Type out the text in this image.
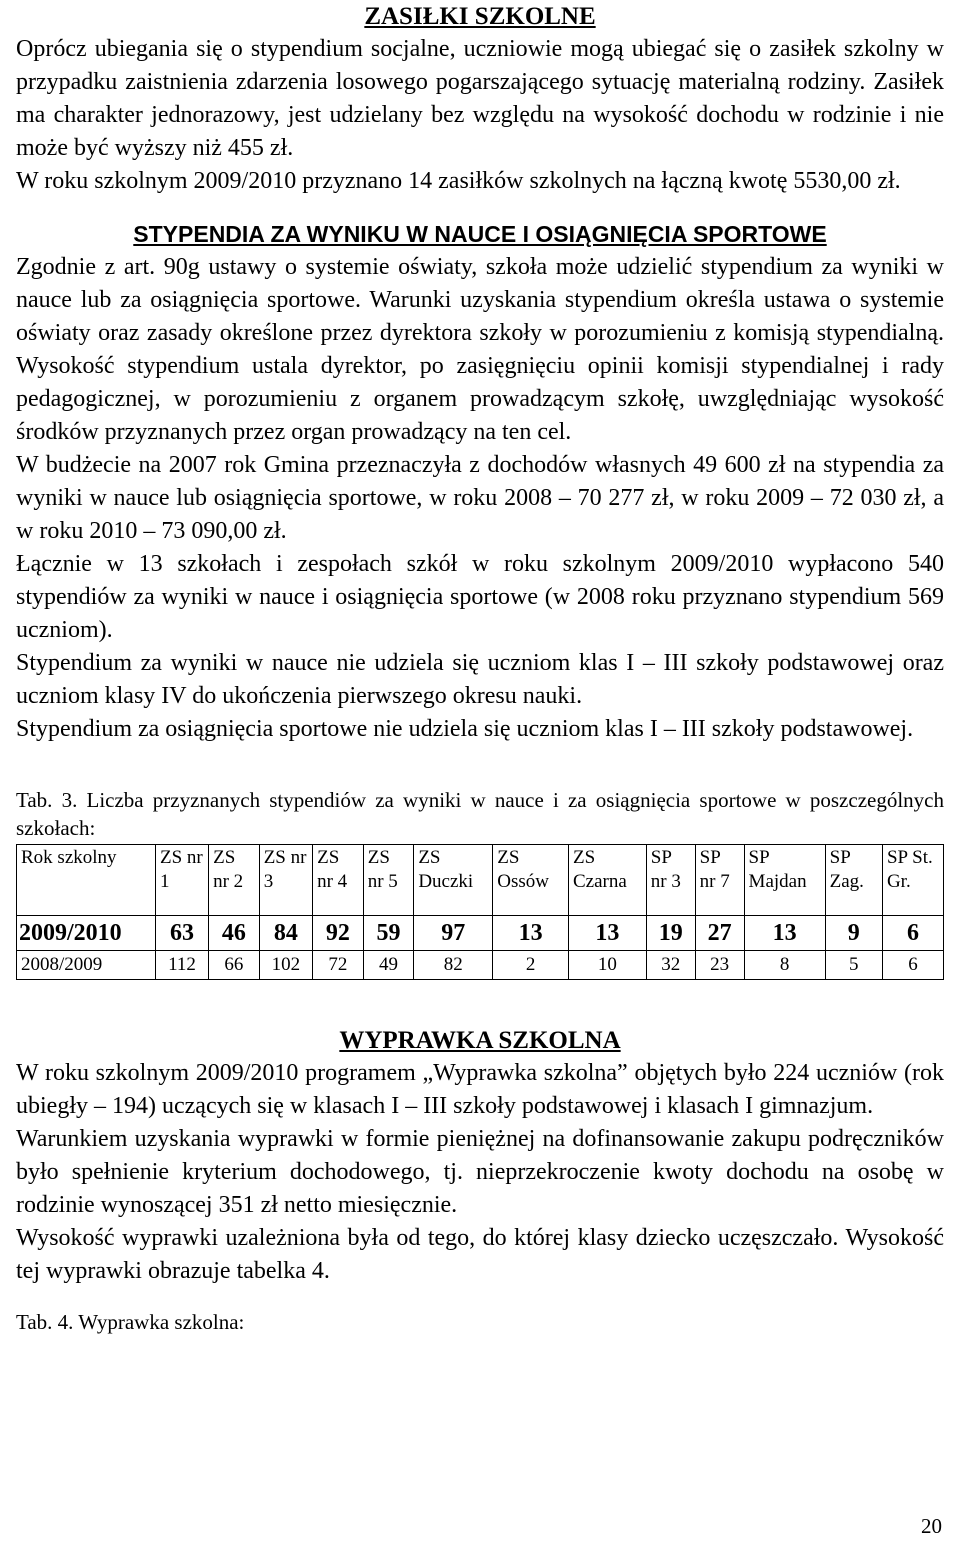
ZASIŁKI SZKOLNE

Oprócz ubiegania się o stypendium socjalne, uczniowie mogą ubiegać się o zasiłek szkolny w przypadku zaistnienia zdarzenia losowego pogarszającego sytuację materialną rodziny. Zasiłek ma charakter jednorazowy, jest udzielany bez względu na wysokość dochodu w rodzinie i nie może być wyższy niż 455 zł.

W roku szkolnym 2009/2010 przyznano 14 zasiłków szkolnych na łączną kwotę 5530,00 zł.

STYPENDIA ZA WYNIKU W NAUCE I OSIĄGNIĘCIA SPORTOWE

Zgodnie z art. 90g ustawy o systemie oświaty, szkoła może udzielić stypendium za wyniki w nauce lub za osiągnięcia sportowe. Warunki uzyskania stypendium określa ustawa o systemie oświaty oraz zasady określone przez dyrektora szkoły w porozumieniu z komisją stypendialną. Wysokość stypendium ustala dyrektor, po zasięgnięciu opinii komisji stypendialnej i rady pedagogicznej, w porozumieniu z organem prowadzącym szkołę, uwzględniając wysokość środków przyznanych przez organ prowadzący na ten cel.

W budżecie na 2007 rok Gmina przeznaczyła z dochodów własnych 49 600 zł na stypendia za wyniki w nauce lub osiągnięcia sportowe, w roku 2008 – 70 277 zł, w roku 2009 – 72 030 zł, a w roku 2010 – 73 090,00 zł.

Łącznie w 13 szkołach i zespołach szkół w roku szkolnym 2009/2010 wypłacono 540 stypendiów za wyniki w nauce i osiągnięcia sportowe (w 2008 roku przyznano stypendium 569 uczniom).

Stypendium za wyniki w nauce nie udziela się uczniom klas I – III szkoły podstawowej oraz uczniom klasy IV do ukończenia pierwszego okresu nauki.

Stypendium za osiągnięcia sportowe nie udziela się uczniom klas I – III szkoły podstawowej.

Tab. 3. Liczba przyznanych stypendiów za wyniki w nauce i za osiągnięcia sportowe w poszczególnych szkołach:

Rok szkolny	ZS nr 1	ZS nr 2	ZS nr 3	ZS nr 4	ZS nr 5	ZS Duczki	ZS Ossów	ZS Czarna	SP nr 3	SP nr 7	SP Majdan	SP Zag.	SP St. Gr.
2009/2010	63	46	84	92	59	97	13	13	19	27	13	9	6
2008/2009	112	66	102	72	49	82	2	10	32	23	8	5	6
WYPRAWKA SZKOLNA

W roku szkolnym 2009/2010 programem „Wyprawka szkolna” objętych było 224 uczniów (rok ubiegły – 194) uczących się w klasach I – III szkoły podstawowej i klasach I gimnazjum.

Warunkiem uzyskania wyprawki w formie pieniężnej na dofinansowanie zakupu podręczników było spełnienie kryterium dochodowego, tj. nieprzekroczenie kwoty dochodu na osobę w rodzinie wynoszącej 351 zł netto miesięcznie.

Wysokość wyprawki uzależniona była od tego, do której klasy dziecko uczęszczało. Wysokość tej wyprawki obrazuje tabelka 4.

Tab. 4. Wyprawka szkolna:

20
